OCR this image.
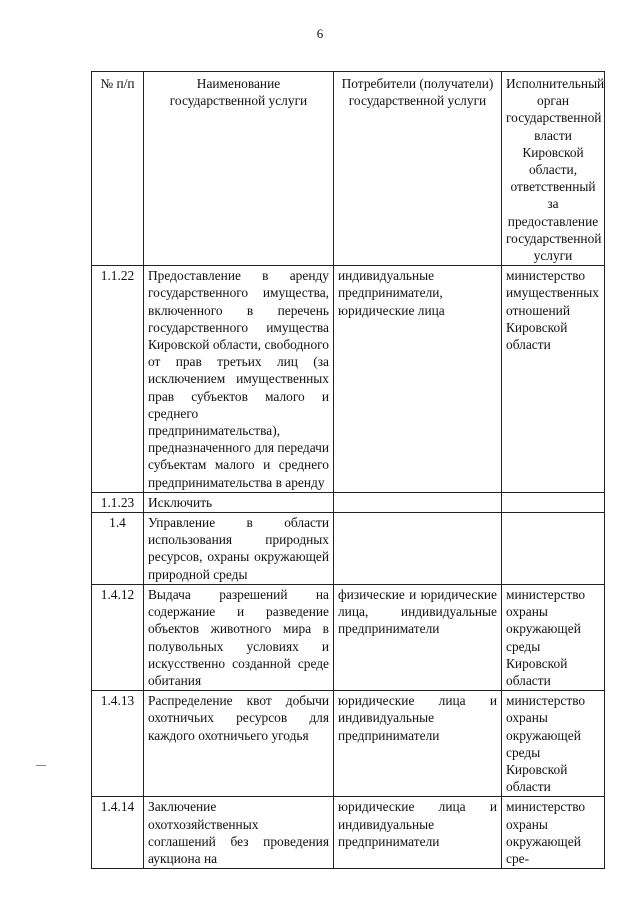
6
№ п/п	Наименование государственной услуги	Потребители (получатели) государственной услуги	Исполнительный орган государственной власти Кировской области, ответственный за предоставление государственной услуги
1.1.22	Предоставление в аренду государственного имущества, включенного в перечень государственного имущества Кировской области, свободного от прав третьих лиц (за исключением имущественных прав субъектов малого и среднего предпринимательства), предназначенного для передачи субъектам малого и среднего предпринимательства в аренду	индивидуальные предприниматели, юридические лица	министерство имущественных отношений Кировской области
1.1.23	Исключить		
1.4	Управление в области использования природных ресурсов, охраны окружающей природной среды		
1.4.12	Выдача разрешений на содержание и разведение объектов животного мира в полувольных условиях и искусственно созданной среде обитания	физические и юридические лица, индивидуальные предприниматели	министерство охраны окружающей среды Кировской области
1.4.13	Распределение квот добычи охотничьих ресурсов для каждого охотничьего угодья	юридические лица и индивидуальные предприниматели	министерство охраны окружающей среды Кировской области
1.4.14	Заключение охотхозяйственных соглашений без проведения аукциона на	юридические лица и индивидуальные предприниматели	министерство охраны окружающей сре-
